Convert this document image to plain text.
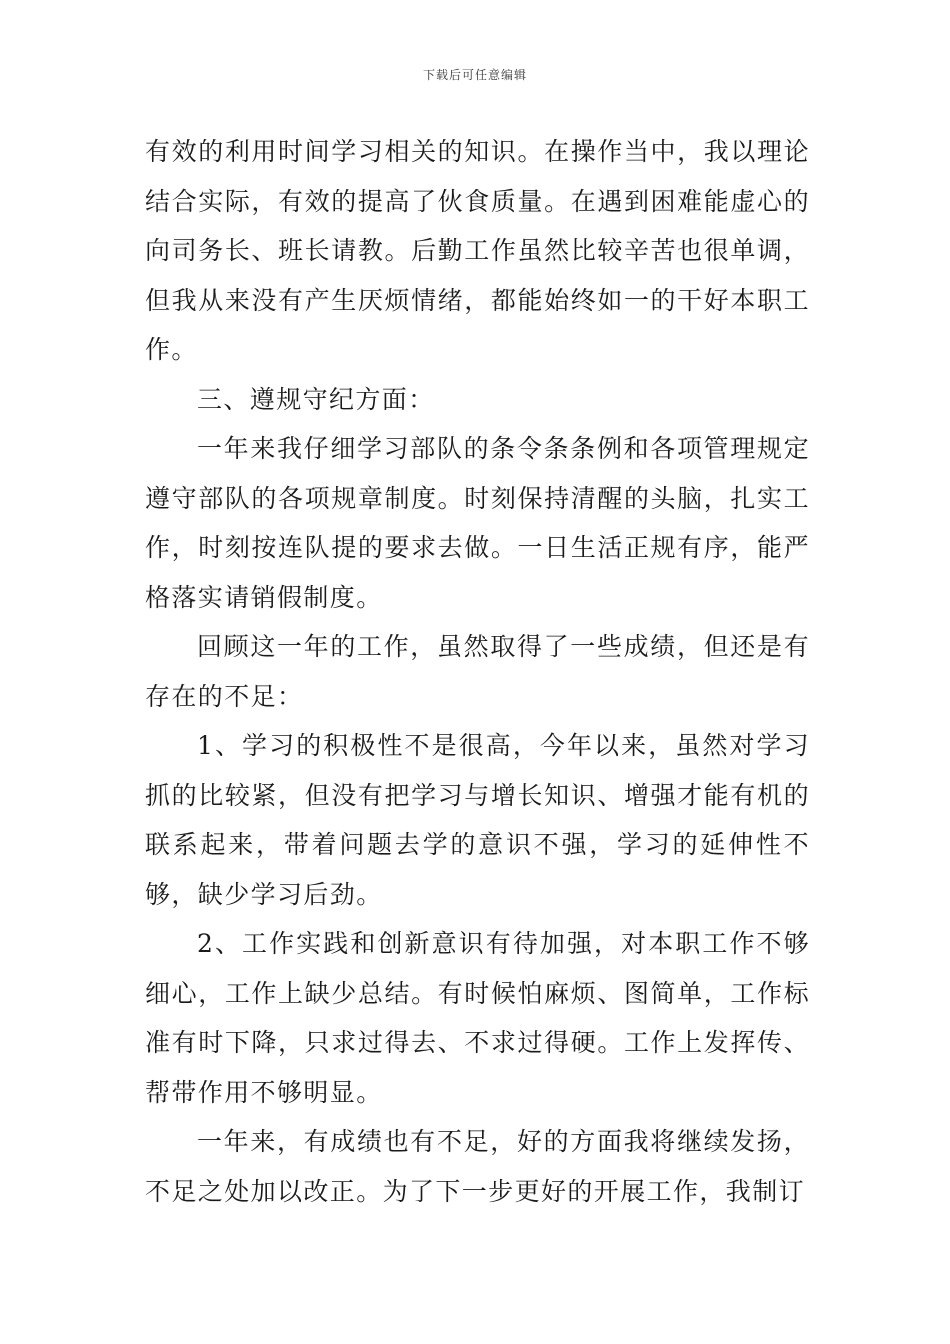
下载后可任意编辑

有效的利用时间学习相关的知识。在操作当中，我以理论结合实际，有效的提高了伙食质量。在遇到困难能虚心的向司务长、班长请教。后勤工作虽然比较辛苦也很单调，但我从来没有产生厌烦情绪，都能始终如一的干好本职工作。

三、遵规守纪方面：

一年来我仔细学习部队的条令条条例和各项管理规定遵守部队的各项规章制度。时刻保持清醒的头脑，扎实工作，时刻按连队提的要求去做。一日生活正规有序，能严格落实请销假制度。

回顾这一年的工作，虽然取得了一些成绩，但还是有存在的不足：

1、学习的积极性不是很高，今年以来，虽然对学习抓的比较紧，但没有把学习与增长知识、增强才能有机的联系起来，带着问题去学的意识不强，学习的延伸性不够，缺少学习后劲。

2、工作实践和创新意识有待加强，对本职工作不够细心，工作上缺少总结。有时候怕麻烦、图简单，工作标准有时下降，只求过得去、不求过得硬。工作上发挥传、帮带作用不够明显。

一年来，有成绩也有不足，好的方面我将继续发扬，不足之处加以改正。为了下一步更好的开展工作，我制订
